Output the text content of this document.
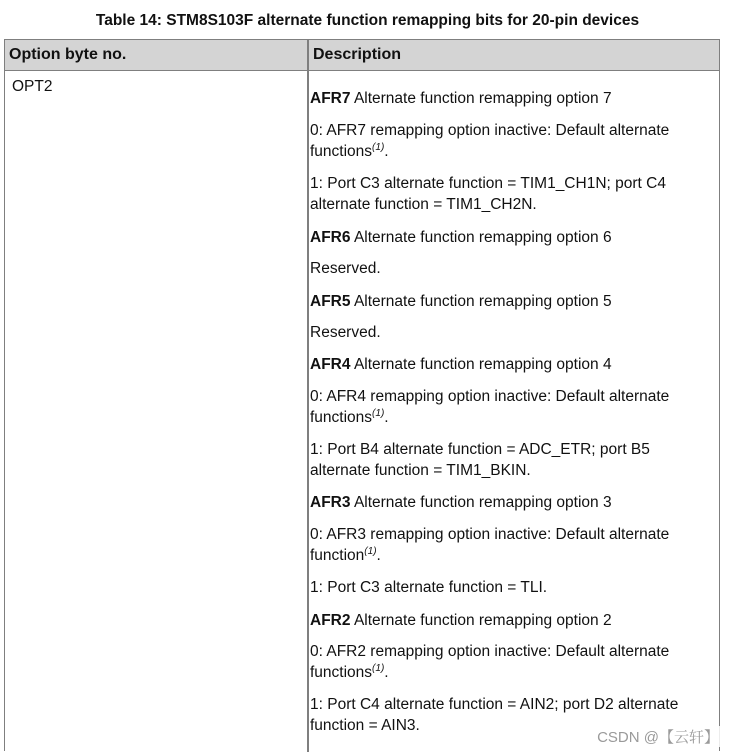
Table 14: STM8S103F alternate function remapping bits for 20-pin devices
Option byte no.	Description
OPT2
AFR7 Alternate function remapping option 7
0: AFR7 remapping option inactive: Default alternate functions$^{(1)}$.
1: Port C3 alternate function = TIM1_CH1N; port C4 alternate function = TIM1_CH2N.
AFR6 Alternate function remapping option 6
Reserved.
AFR5 Alternate function remapping option 5
Reserved.
AFR4 Alternate function remapping option 4
0: AFR4 remapping option inactive: Default alternate functions$^{(1)}$.
1: Port B4 alternate function = ADC_ETR; port B5 alternate function = TIM1_BKIN.
AFR3 Alternate function remapping option 3
0: AFR3 remapping option inactive: Default alternate function$^{(1)}$.
1: Port C3 alternate function = TLI.
AFR2 Alternate function remapping option 2
0: AFR2 remapping option inactive: Default alternate functions$^{(1)}$.
1: Port C4 alternate function = AIN2; port D2 alternate function = AIN3.
CSDN @【云轩】
